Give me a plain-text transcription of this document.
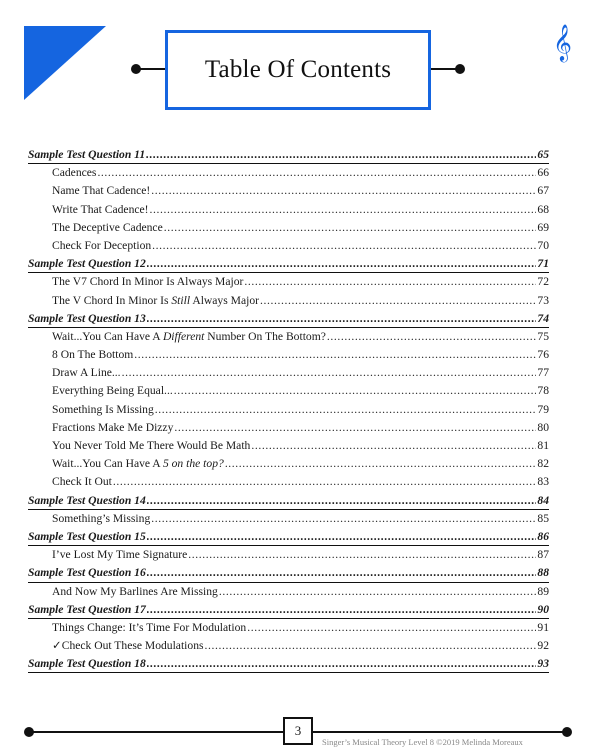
𝄞
Table Of Contents
Sample Test Question 11 .....	65
Cadences .....	66
Name That Cadence! .....	67
Write That Cadence! .....	68
The Deceptive Cadence .....	69
Check For Deception .....	70
Sample Test Question 12 .....	71
The V7 Chord In Minor Is Always Major .....	72
The V Chord In Minor Is Still Always Major .....	73
Sample Test Question 13 .....	74
Wait...You Can Have A Different Number On The Bottom? .....	75
8 On The Bottom .....	76
Draw A Line... .....	77
Everything Being Equal... .....	78
Something Is Missing .....	79
Fractions Make Me Dizzy .....	80
You Never Told Me There Would Be Math .....	81
Wait...You Can Have A 5 on the top? .....	82
Check It Out .....	83
Sample Test Question 14 .....	84
Something’s Missing .....	85
Sample Test Question 15 .....	86
I’ve Lost My Time Signature .....	87
Sample Test Question 16 .....	88
And Now My Barlines Are Missing .....	89
Sample Test Question 17 .....	90
Things Change: It’s Time For Modulation .....	91
✓Check Out These Modulations .....	92
Sample Test Question 18 .....	93
3
Singer’s Musical Theory Level 8 ©2019 Melinda Moreaux
